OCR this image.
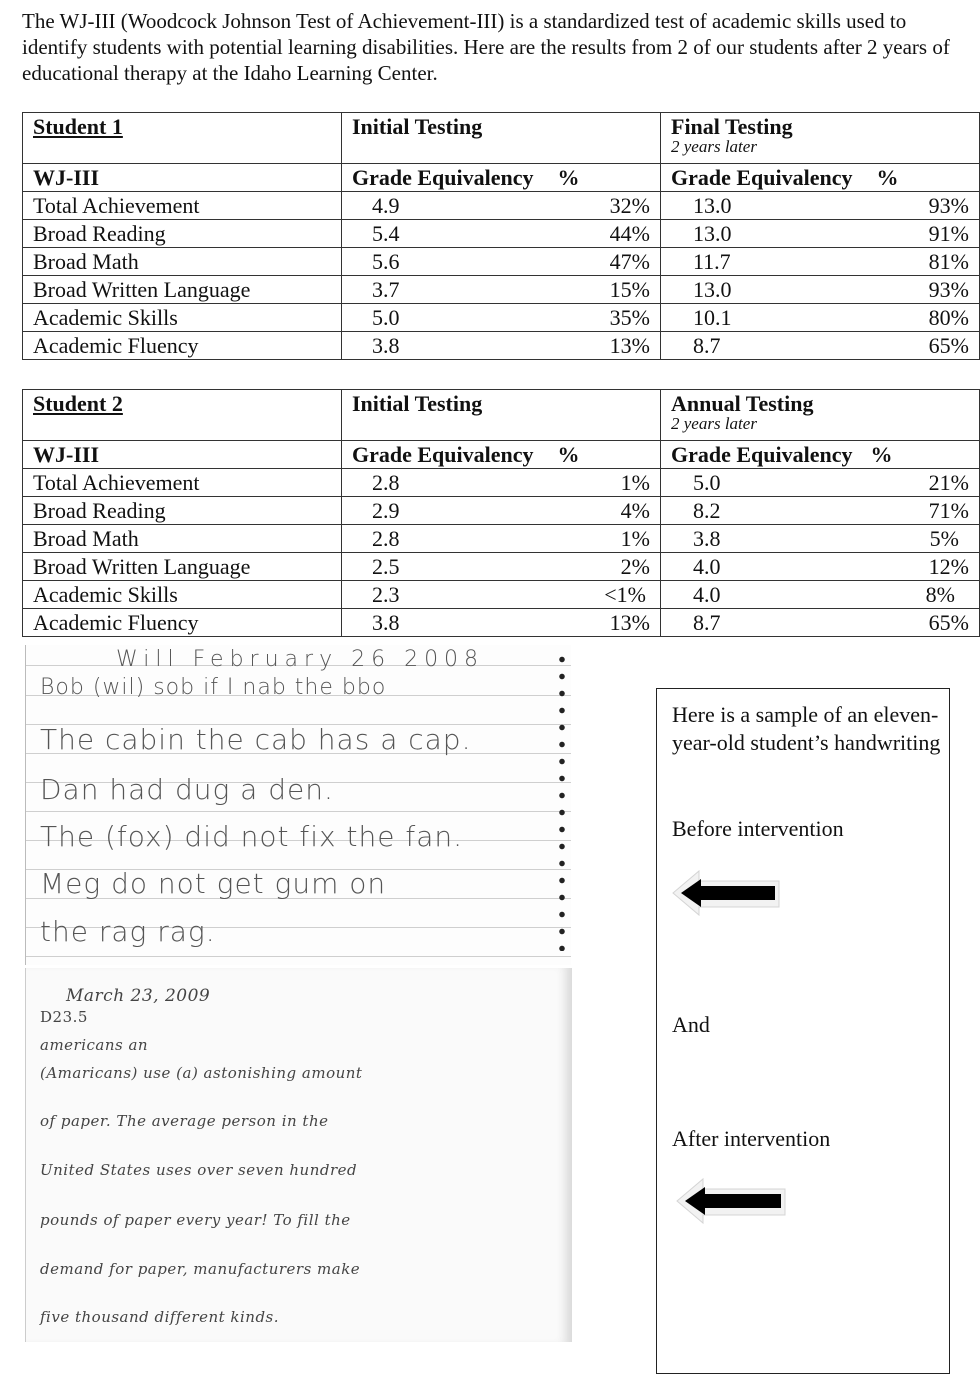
The WJ-III (Woodcock Johnson Test of Achievement-III) is a standardized test of academic skills used to identify students with potential learning disabilities. Here are the results from 2 of our students after 2 years of educational therapy at the Idaho Learning Center.

Student 1	Initial Testing	Final Testing
2 years later

WJ-III	Grade Equivalency %	Grade Equivalency %

Total Achievement	4.9 32%	13.0 93%

Broad Reading	5.4 44%	13.0 91%

Broad Math	5.6 47%	11.7 81%

Broad Written Language	3.7 15%	13.0 93%

Academic Skills	5.0 35%	10.1 80%

Academic Fluency	3.8 13%	8.7 65%
Student 2	Initial Testing	Annual Testing
2 years later

WJ-III	Grade Equivalency %	Grade Equivalency %

Total Achievement	2.8 1%	5.0 21%

Broad Reading	2.9 4%	8.2 71%

Broad Math	2.8 1%	3.8 5%

Broad Written Language	2.5 2%	4.0 12%

Academic Skills	2.3 <1%	4.0 8%

Academic Fluency	3.8 13%	8.7 65%
Will February 26 2008
Bob (wil) sob if I nab the bbo
The cabin the cab has a cap.
Dan had dug a den.
The (fox) did not fix the fan.
Meg do not get gum on
the rag rag.
March 23, 2009
D23.5
americans an
(Amaricans) use (a) astonishing amount
of paper. The average person in the
United States uses over seven hundred
pounds of paper every year! To fill the
demand for paper, manufacturers make
five thousand different kinds.

Here is a sample of an eleven-year-old student’s handwriting

Before intervention

And

After intervention
